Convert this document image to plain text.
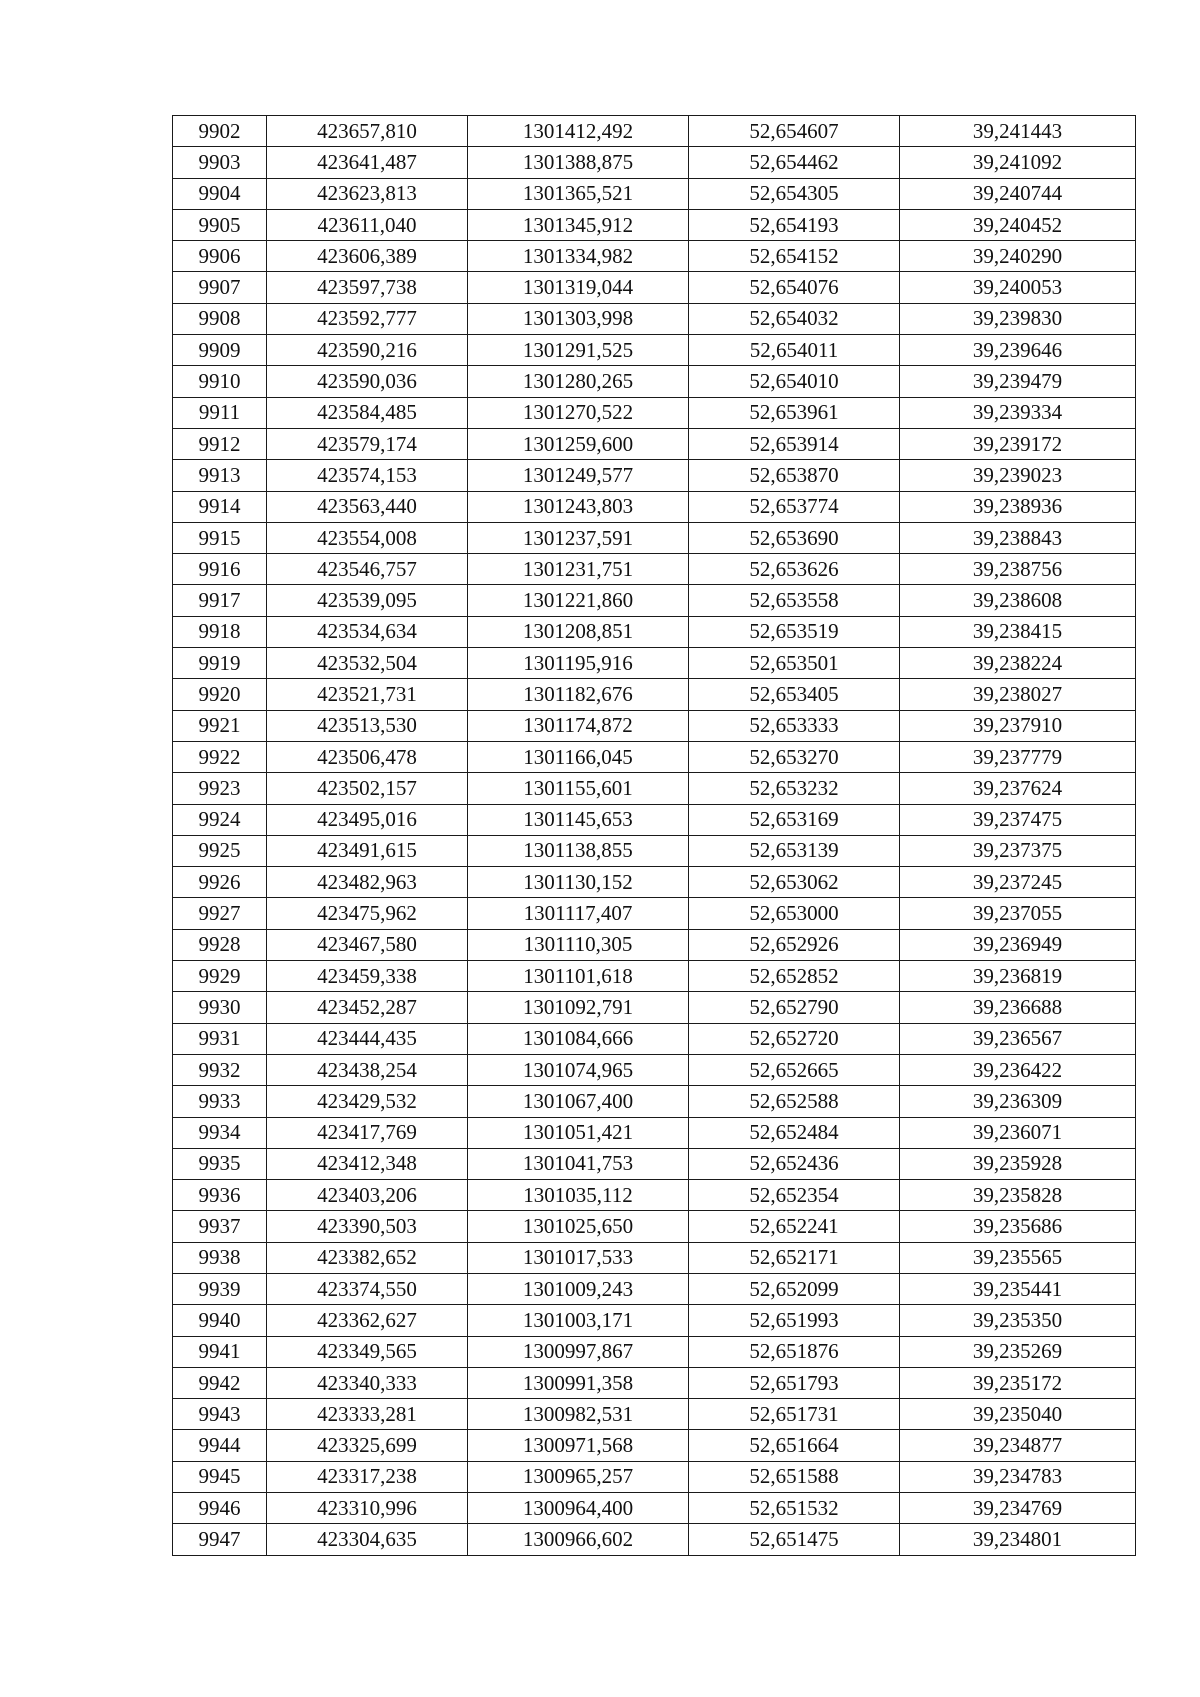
9902	423657,810	1301412,492	52,654607	39,241443
9903	423641,487	1301388,875	52,654462	39,241092
9904	423623,813	1301365,521	52,654305	39,240744
9905	423611,040	1301345,912	52,654193	39,240452
9906	423606,389	1301334,982	52,654152	39,240290
9907	423597,738	1301319,044	52,654076	39,240053
9908	423592,777	1301303,998	52,654032	39,239830
9909	423590,216	1301291,525	52,654011	39,239646
9910	423590,036	1301280,265	52,654010	39,239479
9911	423584,485	1301270,522	52,653961	39,239334
9912	423579,174	1301259,600	52,653914	39,239172
9913	423574,153	1301249,577	52,653870	39,239023
9914	423563,440	1301243,803	52,653774	39,238936
9915	423554,008	1301237,591	52,653690	39,238843
9916	423546,757	1301231,751	52,653626	39,238756
9917	423539,095	1301221,860	52,653558	39,238608
9918	423534,634	1301208,851	52,653519	39,238415
9919	423532,504	1301195,916	52,653501	39,238224
9920	423521,731	1301182,676	52,653405	39,238027
9921	423513,530	1301174,872	52,653333	39,237910
9922	423506,478	1301166,045	52,653270	39,237779
9923	423502,157	1301155,601	52,653232	39,237624
9924	423495,016	1301145,653	52,653169	39,237475
9925	423491,615	1301138,855	52,653139	39,237375
9926	423482,963	1301130,152	52,653062	39,237245
9927	423475,962	1301117,407	52,653000	39,237055
9928	423467,580	1301110,305	52,652926	39,236949
9929	423459,338	1301101,618	52,652852	39,236819
9930	423452,287	1301092,791	52,652790	39,236688
9931	423444,435	1301084,666	52,652720	39,236567
9932	423438,254	1301074,965	52,652665	39,236422
9933	423429,532	1301067,400	52,652588	39,236309
9934	423417,769	1301051,421	52,652484	39,236071
9935	423412,348	1301041,753	52,652436	39,235928
9936	423403,206	1301035,112	52,652354	39,235828
9937	423390,503	1301025,650	52,652241	39,235686
9938	423382,652	1301017,533	52,652171	39,235565
9939	423374,550	1301009,243	52,652099	39,235441
9940	423362,627	1301003,171	52,651993	39,235350
9941	423349,565	1300997,867	52,651876	39,235269
9942	423340,333	1300991,358	52,651793	39,235172
9943	423333,281	1300982,531	52,651731	39,235040
9944	423325,699	1300971,568	52,651664	39,234877
9945	423317,238	1300965,257	52,651588	39,234783
9946	423310,996	1300964,400	52,651532	39,234769
9947	423304,635	1300966,602	52,651475	39,234801
